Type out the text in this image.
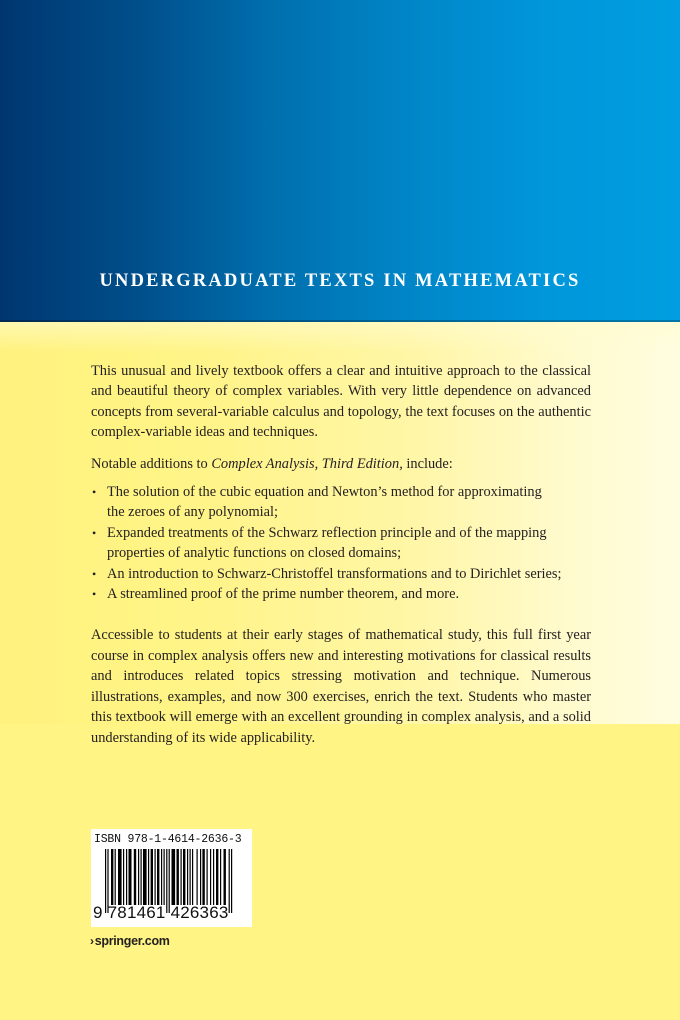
UNDERGRADUATE TEXTS IN MATHEMATICS

This unusual and lively textbook offers a clear and intuitive approach to the classical and beautiful theory of complex variables. With very little dependence on advanced concepts from several-variable calculus and topology, the text focuses on the authentic complex-variable ideas and techniques.

Notable additions to Complex Analysis, Third Edition, include:

• The solution of the cubic equation and Newton’s method for approximating the zeroes of any polynomial;
• Expanded treatments of the Schwarz reflection principle and of the mapping properties of analytic functions on closed domains;
• An introduction to Schwarz-Christoffel transformations and to Dirichlet series;
• A streamlined proof of the prime number theorem, and more.

Accessible to students at their early stages of mathematical study, this full first year course in complex analysis offers new and interesting motivations for classical results and introduces related topics stressing motivation and technique. Numerous illustrations, examples, and now 300 exercises, enrich the text. Students who master this textbook will emerge with an excellent grounding in complex analysis, and a solid understanding of its wide applicability.

ISBN 978-1-4614-2636-3
9 781461 426363
›springer.com
